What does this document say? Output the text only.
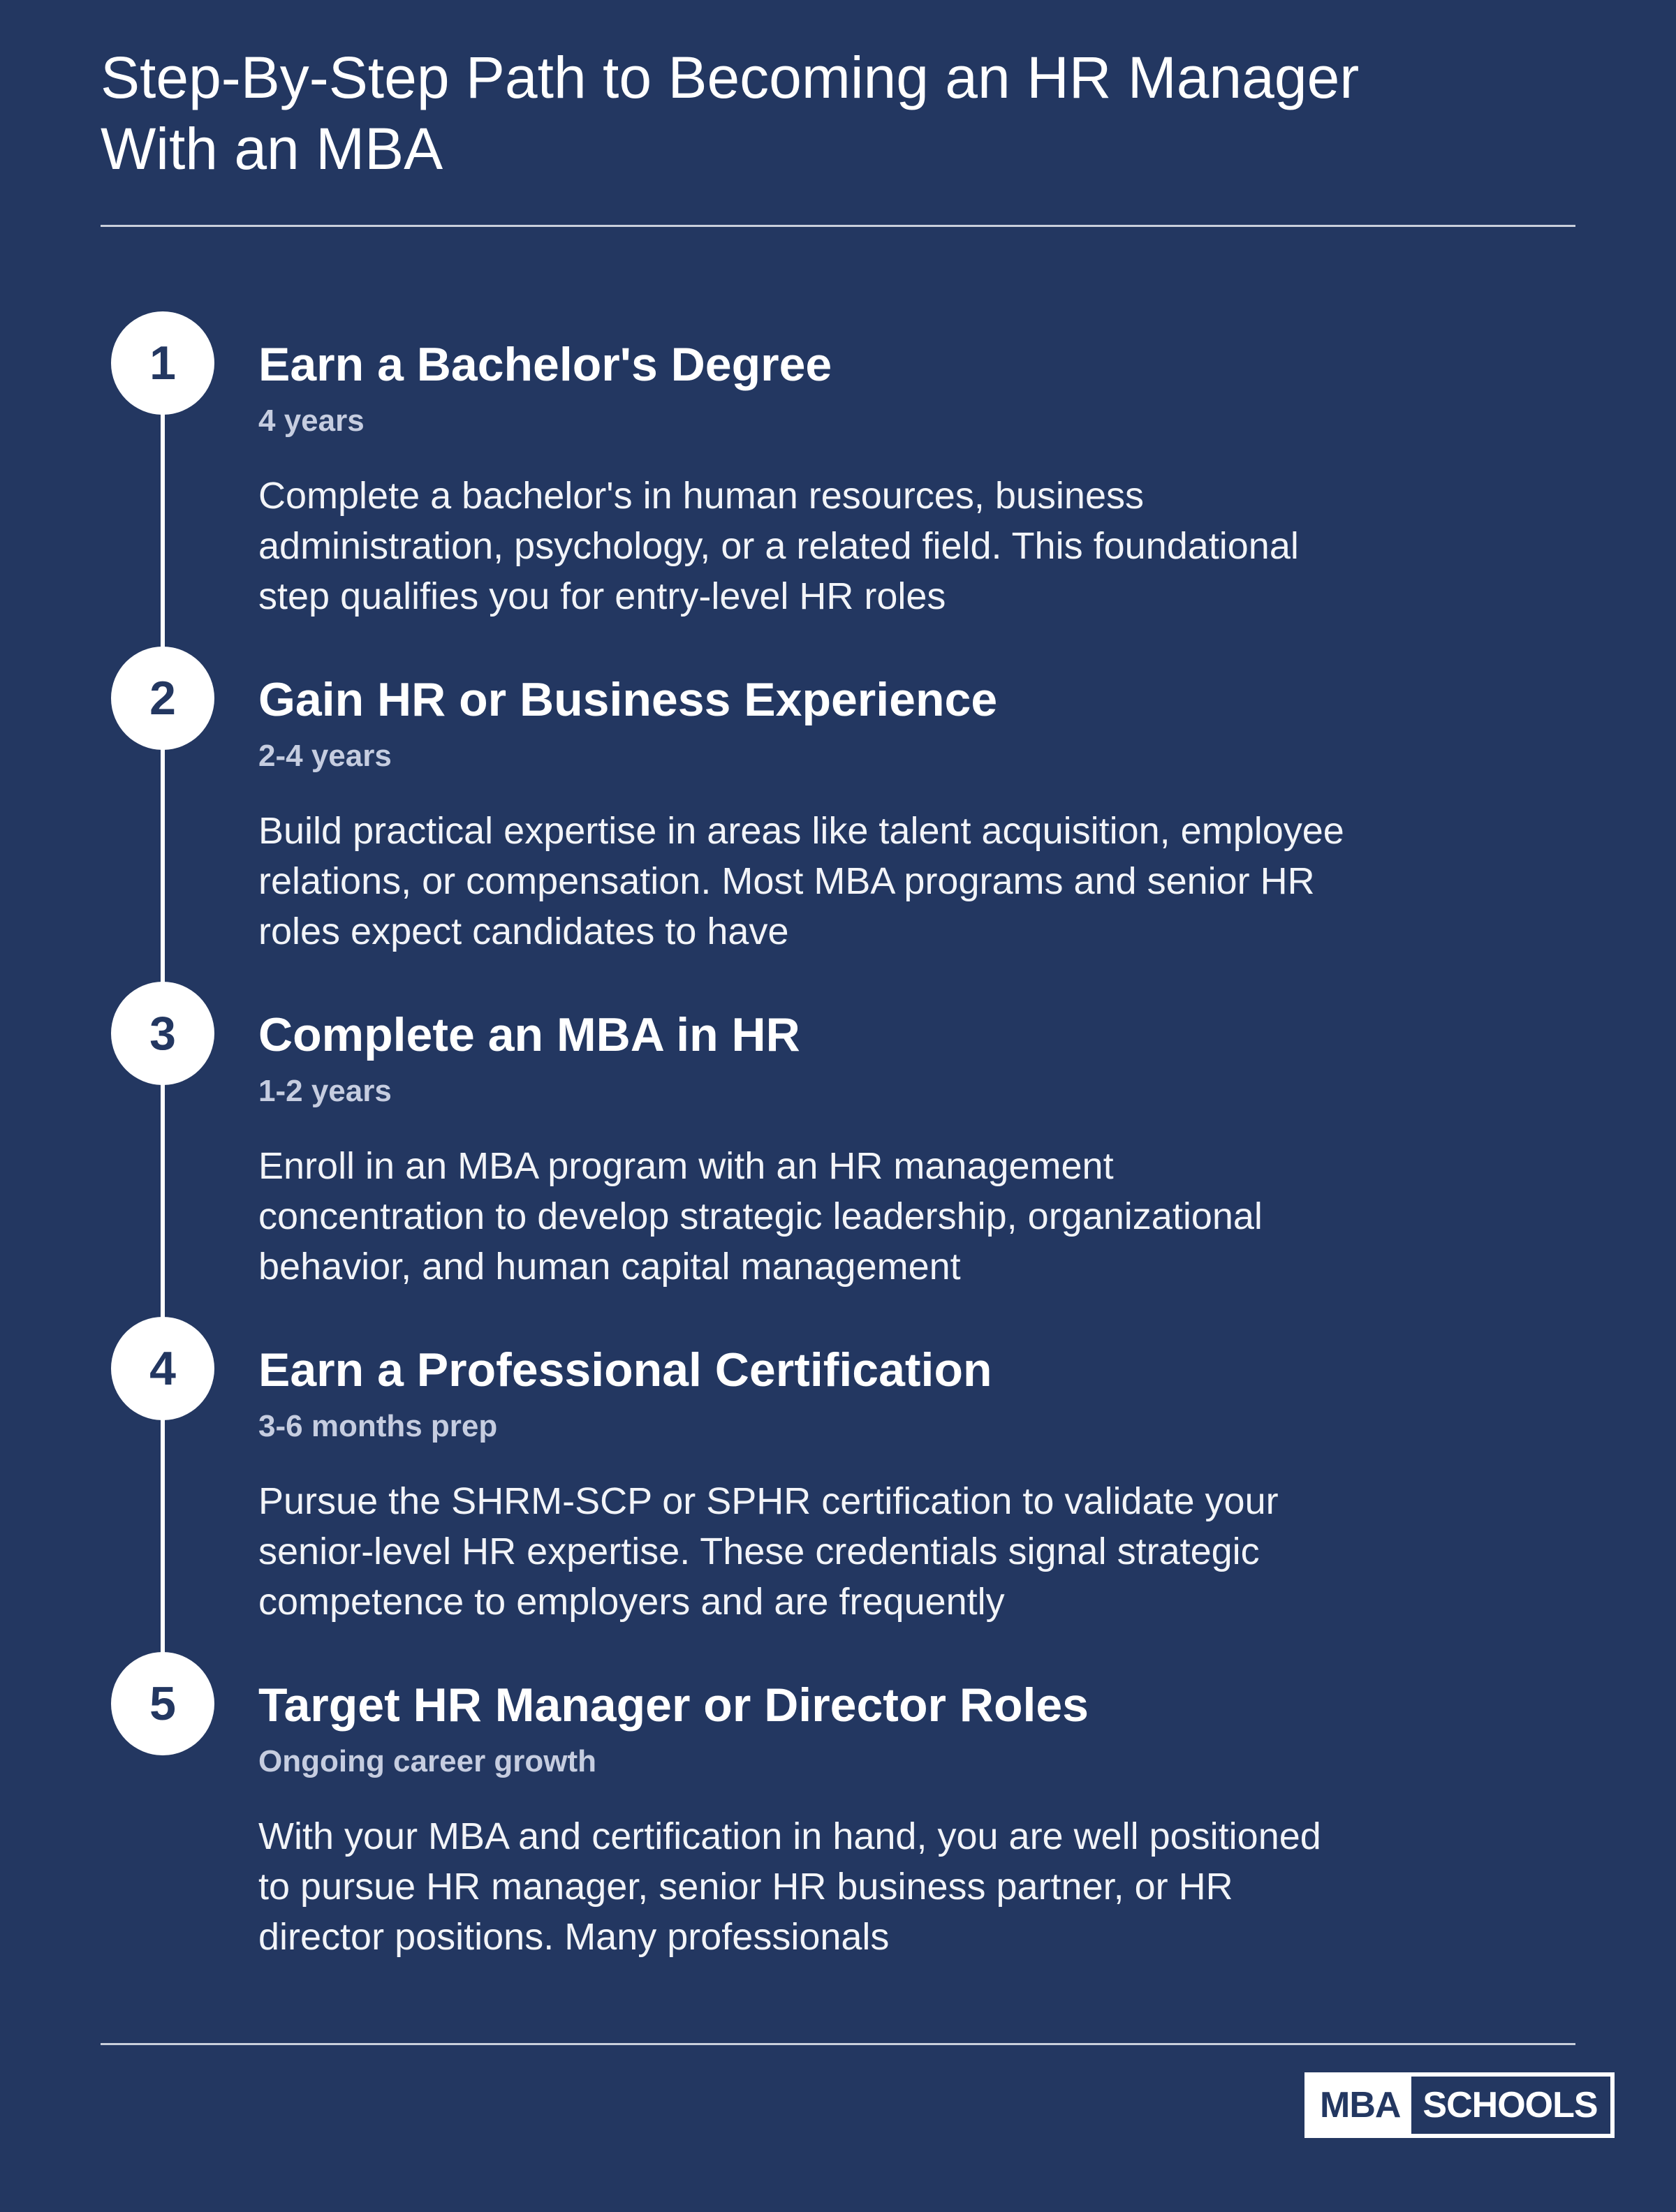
Step-By-Step Path to Becoming an HR Manager
With an MBA
1	Earn a Bachelor's Degree
4 years
Complete a bachelor's in human resources, business administration, psychology, or a related field. This foundational step qualifies you for entry-level HR roles
2	Gain HR or Business Experience
2-4 years
Build practical expertise in areas like talent acquisition, employee relations, or compensation. Most MBA programs and senior HR roles expect candidates to have
3	Complete an MBA in HR
1-2 years
Enroll in an MBA program with an HR management concentration to develop strategic leadership, organizational behavior, and human capital management
4	Earn a Professional Certification
3-6 months prep
Pursue the SHRM-SCP or SPHR certification to validate your senior-level HR expertise. These credentials signal strategic competence to employers and are frequently
5	Target HR Manager or Director Roles
Ongoing career growth
With your MBA and certification in hand, you are well positioned to pursue HR manager, senior HR business partner, or HR director positions. Many professionals
MBA SCHOOLS
